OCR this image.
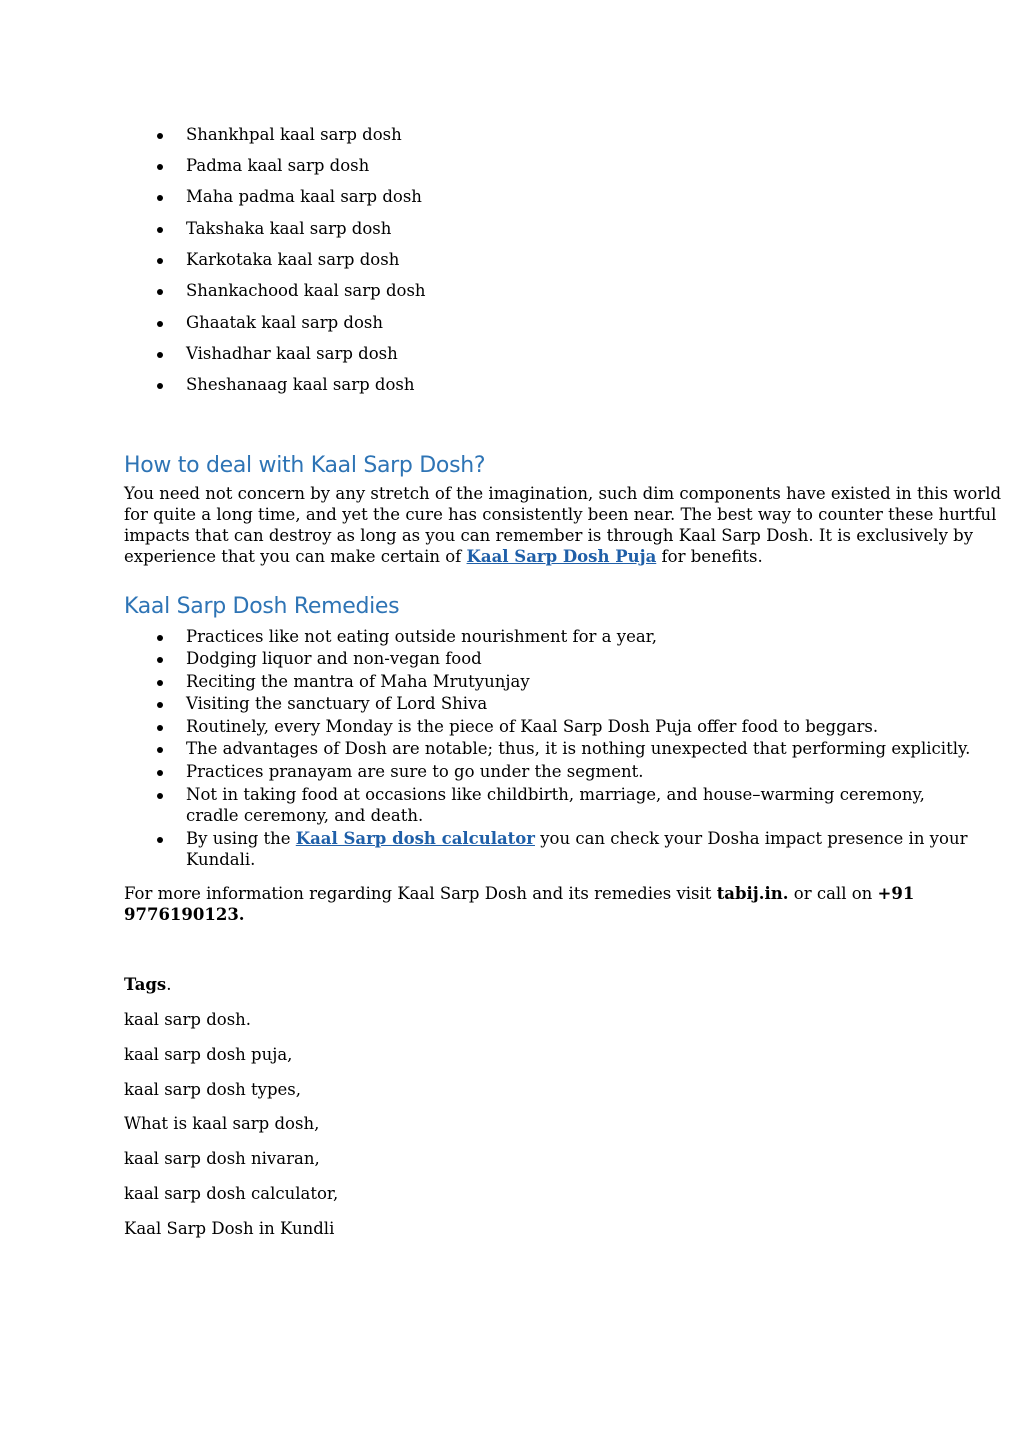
Shankhpal kaal sarp dosh
Padma kaal sarp dosh
Maha padma kaal sarp dosh
Takshaka kaal sarp dosh
Karkotaka kaal sarp dosh
Shankachood kaal sarp dosh
Ghaatak kaal sarp dosh
Vishadhar kaal sarp dosh
Sheshanaag kaal sarp dosh
How to deal with Kaal Sarp Dosh?
You need not concern by any stretch of the imagination, such dim components have existed in this world
for quite a long time, and yet the cure has consistently been near. The best way to counter these hurtful
impacts that can destroy as long as you can remember is through Kaal Sarp Dosh. It is exclusively by
experience that you can make certain of Kaal Sarp Dosh Puja for benefits.
Kaal Sarp Dosh Remedies
Practices like not eating outside nourishment for a year,
Dodging liquor and non-vegan food
Reciting the mantra of Maha Mrutyunjay
Visiting the sanctuary of Lord Shiva
Routinely, every Monday is the piece of Kaal Sarp Dosh Puja offer food to beggars.
The advantages of Dosh are notable; thus, it is nothing unexpected that performing explicitly.
Practices pranayam are sure to go under the segment.
Not in taking food at occasions like childbirth, marriage, and house–warming ceremony,
cradle ceremony, and death.
By using the Kaal Sarp dosh calculator you can check your Dosha impact presence in your
Kundali.

For more information regarding Kaal Sarp Dosh and its remedies visit tabij.in. or call on +91

9776190123.

Tags.

kaal sarp dosh.

kaal sarp dosh puja,

kaal sarp dosh types,

What is kaal sarp dosh,

kaal sarp dosh nivaran,

kaal sarp dosh calculator,

Kaal Sarp Dosh in Kundli
